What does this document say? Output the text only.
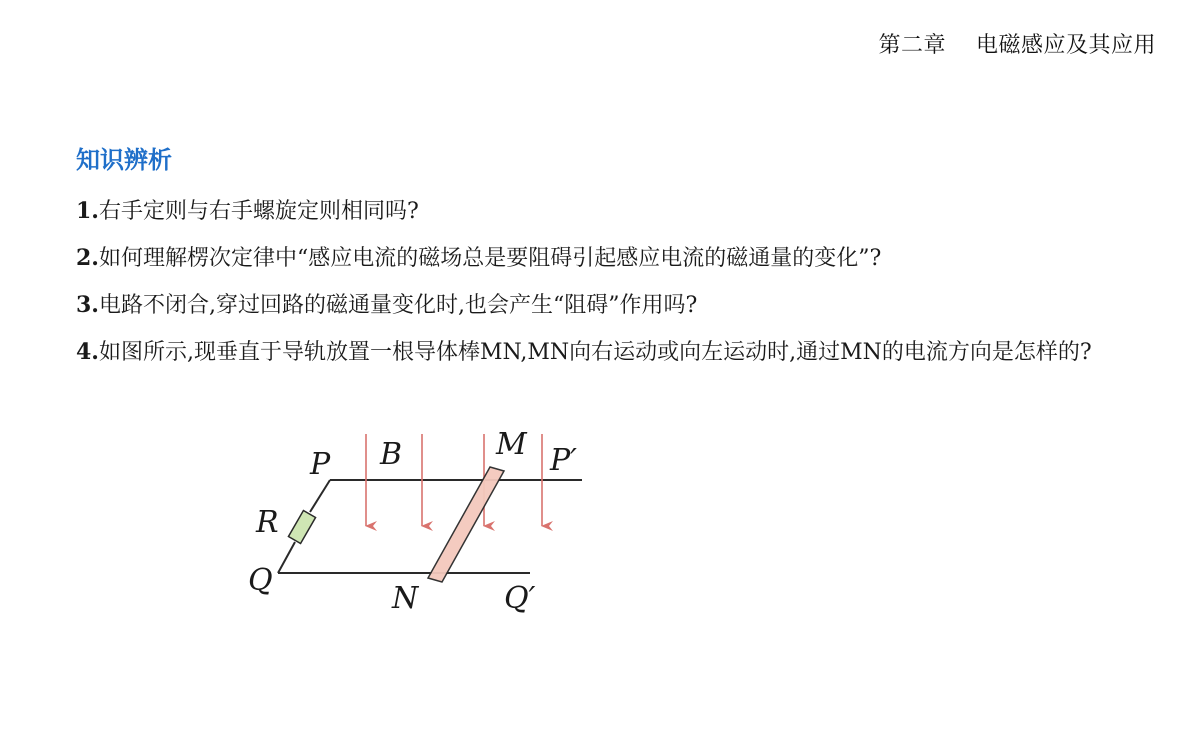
第二章 电磁感应及其应用
知识辨析
1.右手定则与右手螺旋定则相同吗?
2.如何理解楞次定律中“感应电流的磁场总是要阻碍引起感应电流的磁通量的变化”?
3.电路不闭合,穿过回路的磁通量变化时,也会产生“阻碍”作用吗?
4.如图所示,现垂直于导轨放置一根导体棒MN,MN向右运动或向左运动时,通过MN的电流方向是怎样的?
P B	M P′
R
Q
N	Q′
